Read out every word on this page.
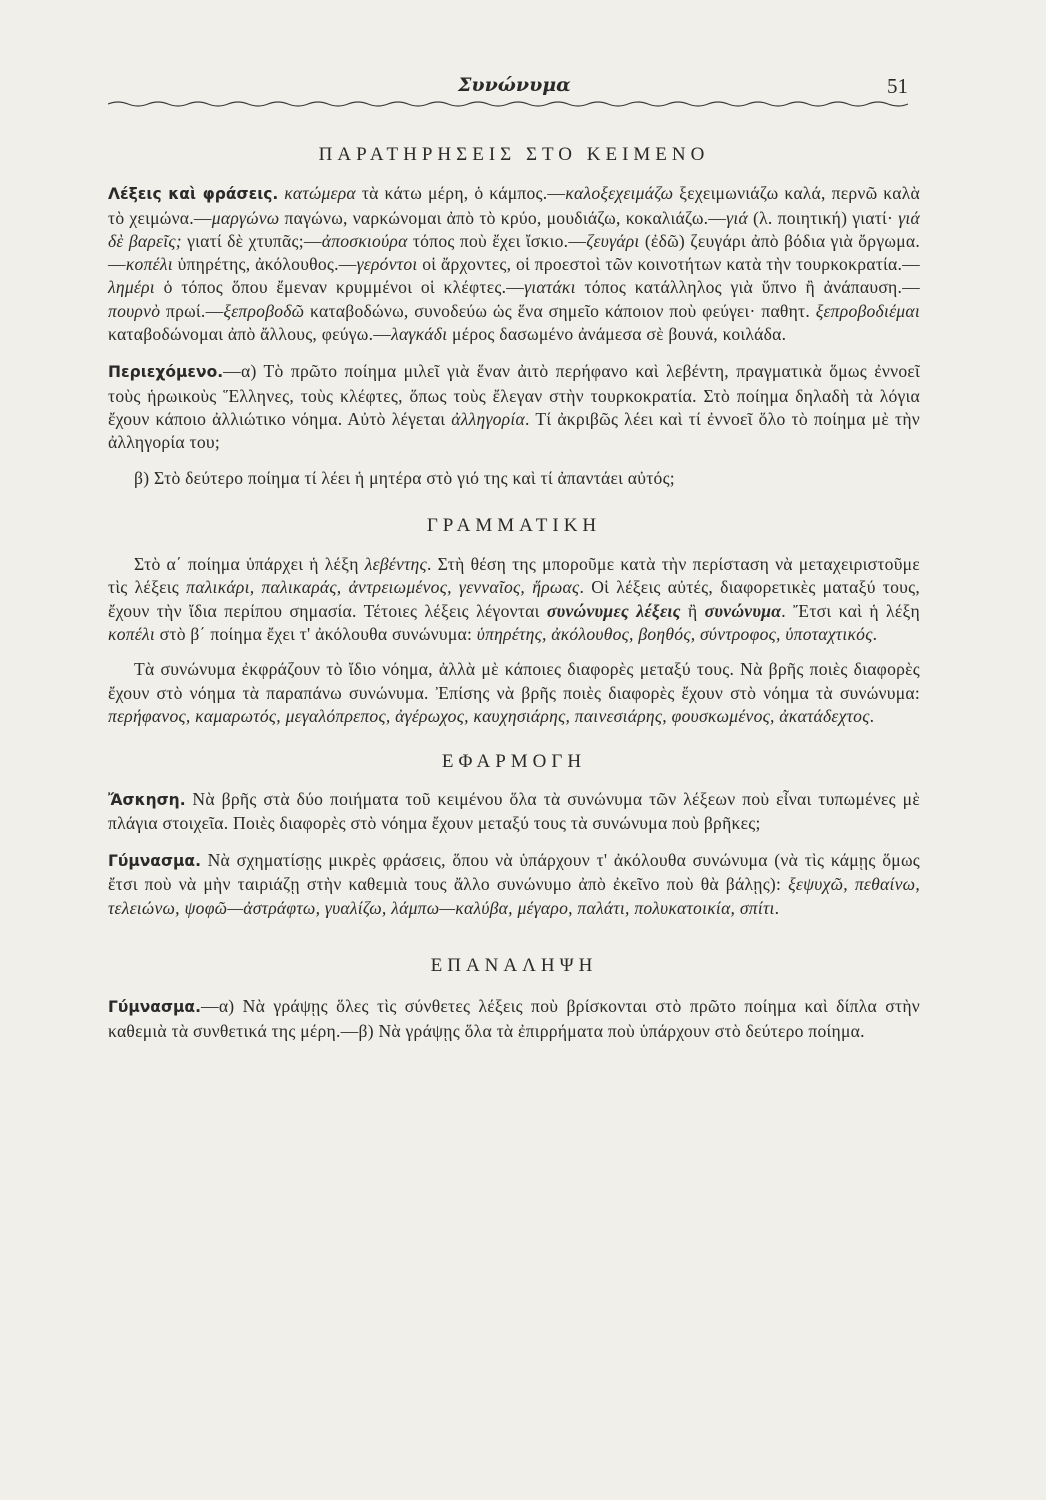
Συνώνυμα	51
ΠΑΡΑΤΗΡΗΣΕΙΣ ΣΤΟ ΚΕΙΜΕΝΟ

Λέξεις καὶ φράσεις. κατώμερα τὰ κάτω μέρη, ὁ κάμπος.—καλοξεχειμάζω ξεχειμωνιάζω καλά, περνῶ καλὰ τὸ χειμώνα.—μαργώνω παγώνω, ναρκώνομαι ἀπὸ τὸ κρύο, μουδιάζω, κοκαλιάζω.—γιά (λ. ποιητική) γιατί· γιά δὲ βαρεῖς; γιατί δὲ χτυπᾶς;—ἀποσκιούρα τόπος ποὺ ἔχει ἴσκιο.—ζευγάρι (ἐδῶ) ζευγάρι ἀπὸ βόδια γιὰ ὄργωμα.—κοπέλι ὑπηρέτης, ἀκόλουθος.—γερόντοι οἱ ἄρχοντες, οἱ προεστοὶ τῶν κοινοτήτων κατὰ τὴν τουρκοκρατία.—λημέρι ὁ τόπος ὅπου ἔμεναν κρυμμένοι οἱ κλέφτες.—γιατάκι τόπος κατάλληλος γιὰ ὕπνο ἢ ἀνάπαυση.—πουρνὸ πρωί.—ξεπροβοδῶ καταβοδώνω, συνοδεύω ὡς ἕνα σημεῖο κάποιον ποὺ φεύγει· παθητ. ξεπροβοδιέμαι καταβοδώνομαι ἀπὸ ἄλλους, φεύγω.—λαγκάδι μέρος δασωμένο ἀνάμεσα σὲ βουνά, κοιλάδα.

Περιεχόμενο.—α) Τὸ πρῶτο ποίημα μιλεῖ γιὰ ἕναν ἀιτὸ περήφανο καὶ λεβέντη, πραγματικὰ ὅμως ἐννοεῖ τοὺς ἡρωικοὺς Ἕλληνες, τοὺς κλέφτες, ὅπως τοὺς ἔλεγαν στὴν τουρκοκρατία. Στὸ ποίημα δηλαδὴ τὰ λόγια ἔχουν κάποιο ἀλλιώτικο νόημα. Αὐτὸ λέγεται ἀλληγορία. Τί ἀκριβῶς λέει καὶ τί ἐννοεῖ ὅλο τὸ ποίημα μὲ τὴν ἀλληγορία του;

β) Στὸ δεύτερο ποίημα τί λέει ἡ μητέρα στὸ γιό της καὶ τί ἀπαντάει αὐτός;

ΓΡΑΜΜΑΤΙΚΗ

Στὸ α΄ ποίημα ὑπάρχει ἡ λέξη λεβέντης. Στὴ θέση της μποροῦμε κατὰ τὴν περίσταση νὰ μεταχειριστοῦμε τὶς λέξεις παλικάρι, παλικαράς, ἀντρειωμένος, γενναῖος, ἥρωας. Οἱ λέξεις αὐτές, διαφορετικὲς ματαξύ τους, ἔχουν τὴν ἴδια περίπου σημασία. Τέτοιες λέξεις λέγονται συνώνυμες λέξεις ἢ συνώνυμα. Ἔτσι καὶ ἡ λέξη κοπέλι στὸ β΄ ποίημα ἔχει τ' ἀκόλουθα συνώνυμα: ὑπηρέτης, ἀκόλουθος, βοηθός, σύντροφος, ὑποταχτικός.

Τὰ συνώνυμα ἐκφράζουν τὸ ἴδιο νόημα, ἀλλὰ μὲ κάποιες διαφορὲς μεταξύ τους. Νὰ βρῆς ποιὲς διαφορὲς ἔχουν στὸ νόημα τὰ παραπάνω συνώνυμα. Ἐπίσης νὰ βρῆς ποιὲς διαφορὲς ἔχουν στὸ νόημα τὰ συνώνυμα: περήφανος, καμαρωτός, μεγαλόπρεπος, ἀγέρωχος, καυχησιάρης, παινεσιάρης, φουσκωμένος, ἀκατάδεχτος.

ΕΦΑΡΜΟΓΗ

Ἄσκηση. Νὰ βρῆς στὰ δύο ποιήματα τοῦ κειμένου ὅλα τὰ συνώνυμα τῶν λέξεων ποὺ εἶναι τυπωμένες μὲ πλάγια στοιχεῖα. Ποιὲς διαφορὲς στὸ νόημα ἔχουν μεταξύ τους τὰ συνώνυμα ποὺ βρῆκες;

Γύμνασμα. Νὰ σχηματίσῃς μικρὲς φράσεις, ὅπου νὰ ὑπάρχουν τ' ἀκόλουθα συνώνυμα (νὰ τὶς κάμῃς ὅμως ἔτσι ποὺ νὰ μὴν ταιριάζῃ στὴν καθεμιὰ τους ἄλλο συνώνυμο ἀπὸ ἐκεῖνο ποὺ θὰ βάλῃς): ξεψυχῶ, πεθαίνω, τελειώνω, ψοφῶ—ἀστράφτω, γυαλίζω, λάμπω—καλύβα, μέγαρο, παλάτι, πολυκατοικία, σπίτι.

ΕΠΑΝΑΛΗΨΗ

Γύμνασμα.—α) Νὰ γράψῃς ὅλες τὶς σύνθετες λέξεις ποὺ βρίσκονται στὸ πρῶτο ποίημα καὶ δίπλα στὴν καθεμιὰ τὰ συνθετικά της μέρη.—β) Νὰ γράψῃς ὅλα τὰ ἐπιρρήματα ποὺ ὑπάρχουν στὸ δεύτερο ποίημα.
